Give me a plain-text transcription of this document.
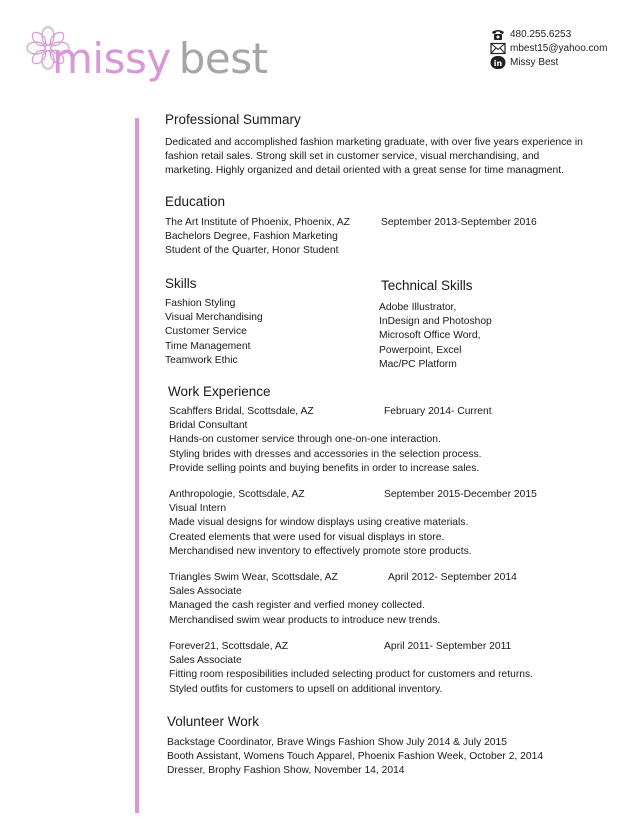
missy best	480.255.6253
mbest15@yahoo.com
in Missy Best
Professional Summary
Dedicated and accomplished fashion marketing graduate, with over five years experience in
fashion retail sales. Strong skill set in customer service, visual merchandising, and
marketing. Highly organized and detail oriented with a great sense for time managment.
Education
The Art Institute of Phoenix, Phoenix, AZ
Bachelors Degree, Fashion Marketing
Student of the Quarter, Honor Student
September 2013-September 2016
Skills
Fashion Styling
Visual Merchandising
Customer Service
Time Management
Teamwork Ethic
Technical Skills
Adobe Illustrator,
InDesign and Photoshop
Microsoft Office Word,
Powerpoint, Excel
Mac/PC Platform
Work Experience
Scahffers Bridal, Scottsdale, AZ
Bridal Consultant
Hands-on customer service through one-on-one interaction.
Styling brides with dresses and accessories in the selection process.
Provide selling points and buying benefits in order to increase sales.
February 2014- Current
Anthropologie, Scottsdale, AZ
Visual Intern
Made visual designs for window displays using creative materials.
Created elements that were used for visual displays in store.
Merchandised new inventory to effectively promote store products.
September 2015-December 2015
Triangles Swim Wear, Scottsdale, AZ
Sales Associate
Managed the cash register and verfied money collected.
Merchandised swim wear products to introduce new trends.
April 2012- September 2014
Forever21, Scottsdale, AZ
Sales Associate
Fitting room resposibilities included selecting product for customers and returns.
Styled outfits for customers to upsell on additional inventory.
April 2011- September 2011
Volunteer Work
Backstage Coordinator, Brave Wings Fashion Show July 2014 & July 2015
Booth Assistant, Womens Touch Apparel, Phoenix Fashion Week, October 2, 2014
Dresser, Brophy Fashion Show, November 14, 2014
